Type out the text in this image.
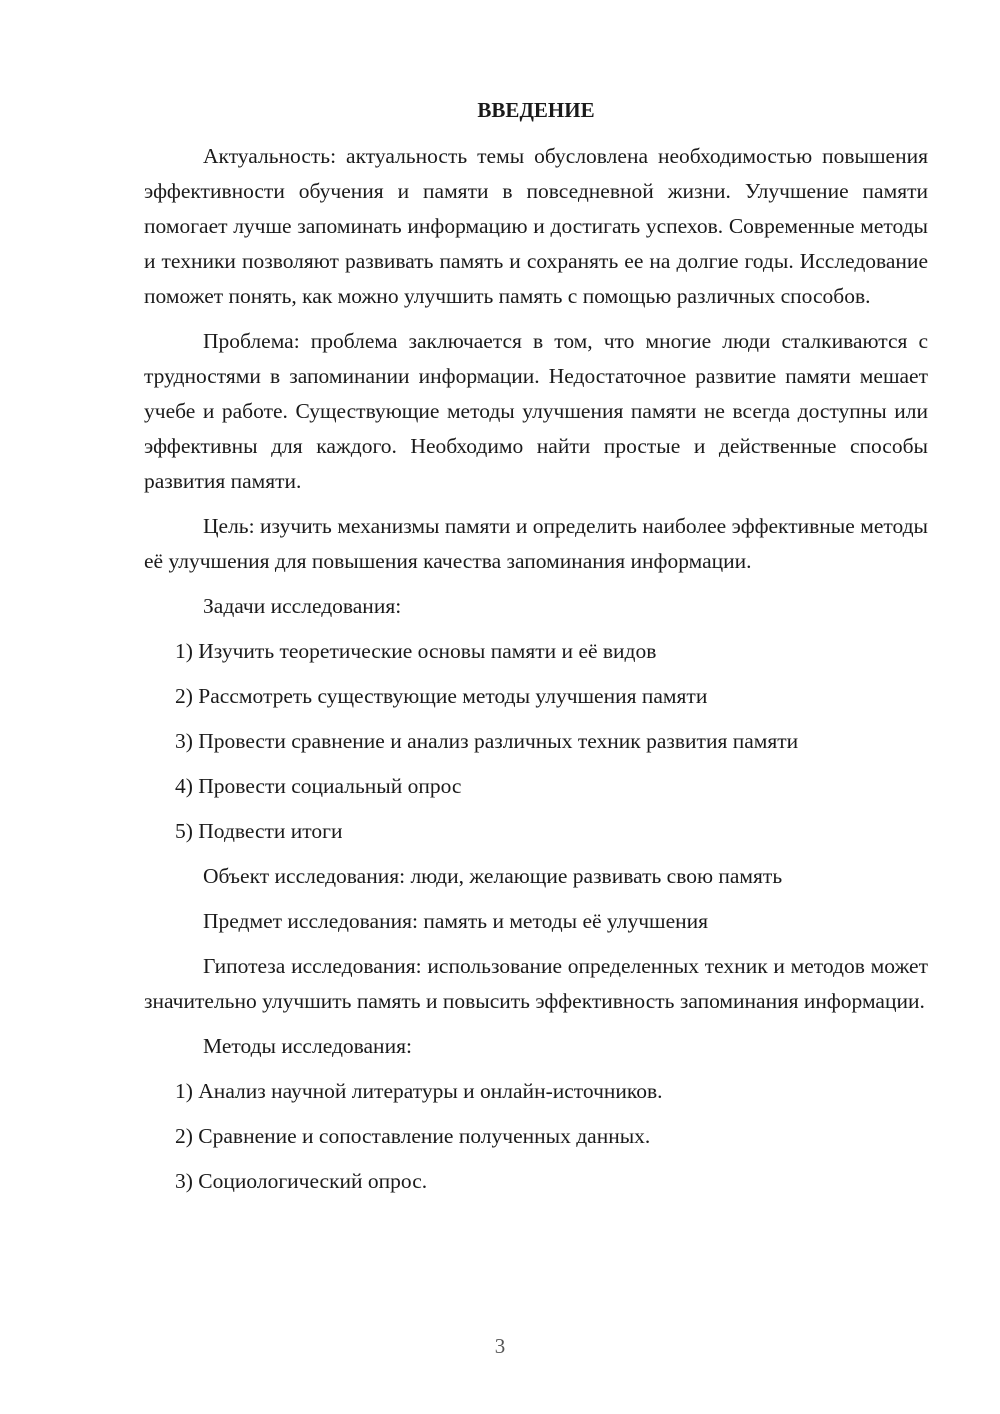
ВВЕДЕНИЕ
Актуальность: актуальность темы обусловлена необходимостью повышения эффективности обучения и памяти в повседневной жизни. Улучшение памяти помогает лучше запоминать информацию и достигать успехов. Современные методы и техники позволяют развивать память и сохранять ее на долгие годы. Исследование поможет понять, как можно улучшить память с помощью различных способов.
Проблема: проблема заключается в том, что многие люди сталкиваются с трудностями в запоминании информации. Недостаточное развитие памяти мешает учебе и работе. Существующие методы улучшения памяти не всегда доступны или эффективны для каждого. Необходимо найти простые и действенные способы развития памяти.
Цель: изучить механизмы памяти и определить наиболее эффективные методы её улучшения для повышения качества запоминания информации.
Задачи исследования:
1) Изучить теоретические основы памяти и её видов
2) Рассмотреть существующие методы улучшения памяти
3) Провести сравнение и анализ различных техник развития памяти
4) Провести социальный опрос
5) Подвести итоги
Объект исследования: люди, желающие развивать свою память
Предмет исследования: память и методы её улучшения
Гипотеза исследования: использование определенных техник и методов может значительно улучшить память и повысить эффективность запоминания информации.
Методы исследования:
1) Анализ научной литературы и онлайн-источников.
2) Сравнение и сопоставление полученных данных.
3) Социологический опрос.
3
